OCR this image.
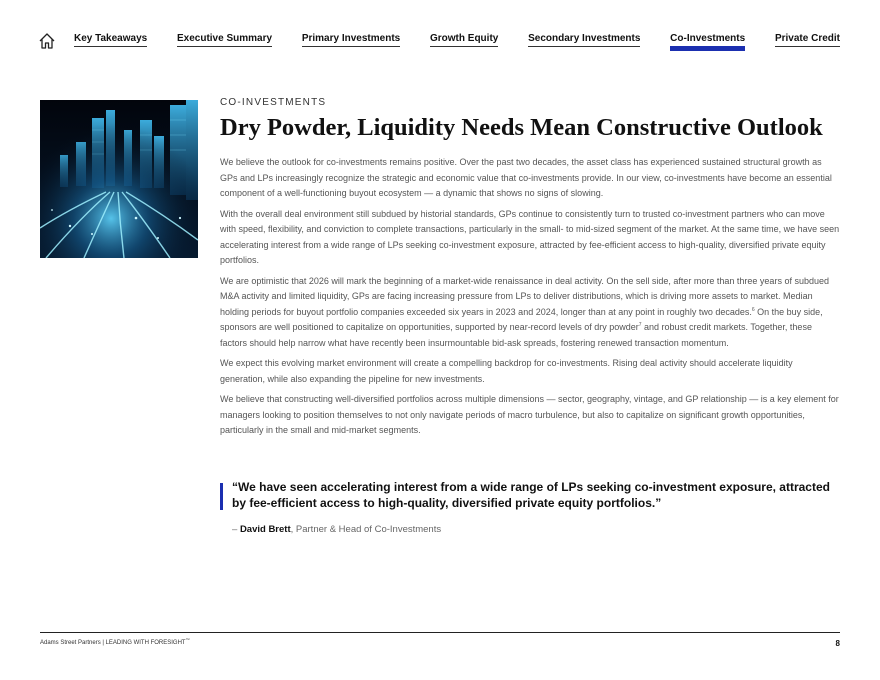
Key Takeaways	Executive Summary	Primary Investments	Growth Equity	Secondary Investments	Co-Investments	Private Credit
CO-INVESTMENTS
Dry Powder, Liquidity Needs Mean Constructive Outlook

We believe the outlook for co-investments remains positive. Over the past two decades, the asset class has experienced sustained structural growth as GPs and LPs increasingly recognize the strategic and economic value that co-investments provide. In our view, co-investments have become an essential component of a well-functioning buyout ecosystem — a dynamic that shows no signs of slowing.

With the overall deal environment still subdued by historial standards, GPs continue to consistently turn to trusted co-investment partners who can move with speed, flexibility, and conviction to complete transactions, particularly in the small- to mid-sized segment of the market. At the same time, we have seen accelerating interest from a wide range of LPs seeking co-investment exposure, attracted by fee-efficient access to high-quality, diversified private equity portfolios.

We are optimistic that 2026 will mark the beginning of a market-wide renaissance in deal activity. On the sell side, after more than three years of subdued M&A activity and limited liquidity, GPs are facing increasing pressure from LPs to deliver distributions, which is driving more assets to market. Median holding periods for buyout portfolio companies exceeded six years in 2023 and 2024, longer than at any point in roughly two decades.$^6$ On the buy side, sponsors are well positioned to capitalize on opportunities, supported by near-record levels of dry powder$^7$ and robust credit markets. Together, these factors should help narrow what have recently been insurmountable bid-ask spreads, fostering renewed transaction momentum.

We expect this evolving market environment will create a compelling backdrop for co-investments. Rising deal activity should accelerate liquidity generation, while also expanding the pipeline for new investments.

We believe that constructing well-diversified portfolios across multiple dimensions — sector, geography, vintage, and GP relationship — is a key element for managers looking to position themselves to not only navigate periods of macro turbulence, but also to capitalize on significant growth opportunities, particularly in the small and mid-market segments.

“We have seen accelerating interest from a wide range of LPs seeking co-investment exposure, attracted by fee-efficient access to high-quality, diversified private equity portfolios.”

– David Brett, Partner & Head of Co-Investments

Adams Street Partners | LEADING WITH FORESIGHT™	8
